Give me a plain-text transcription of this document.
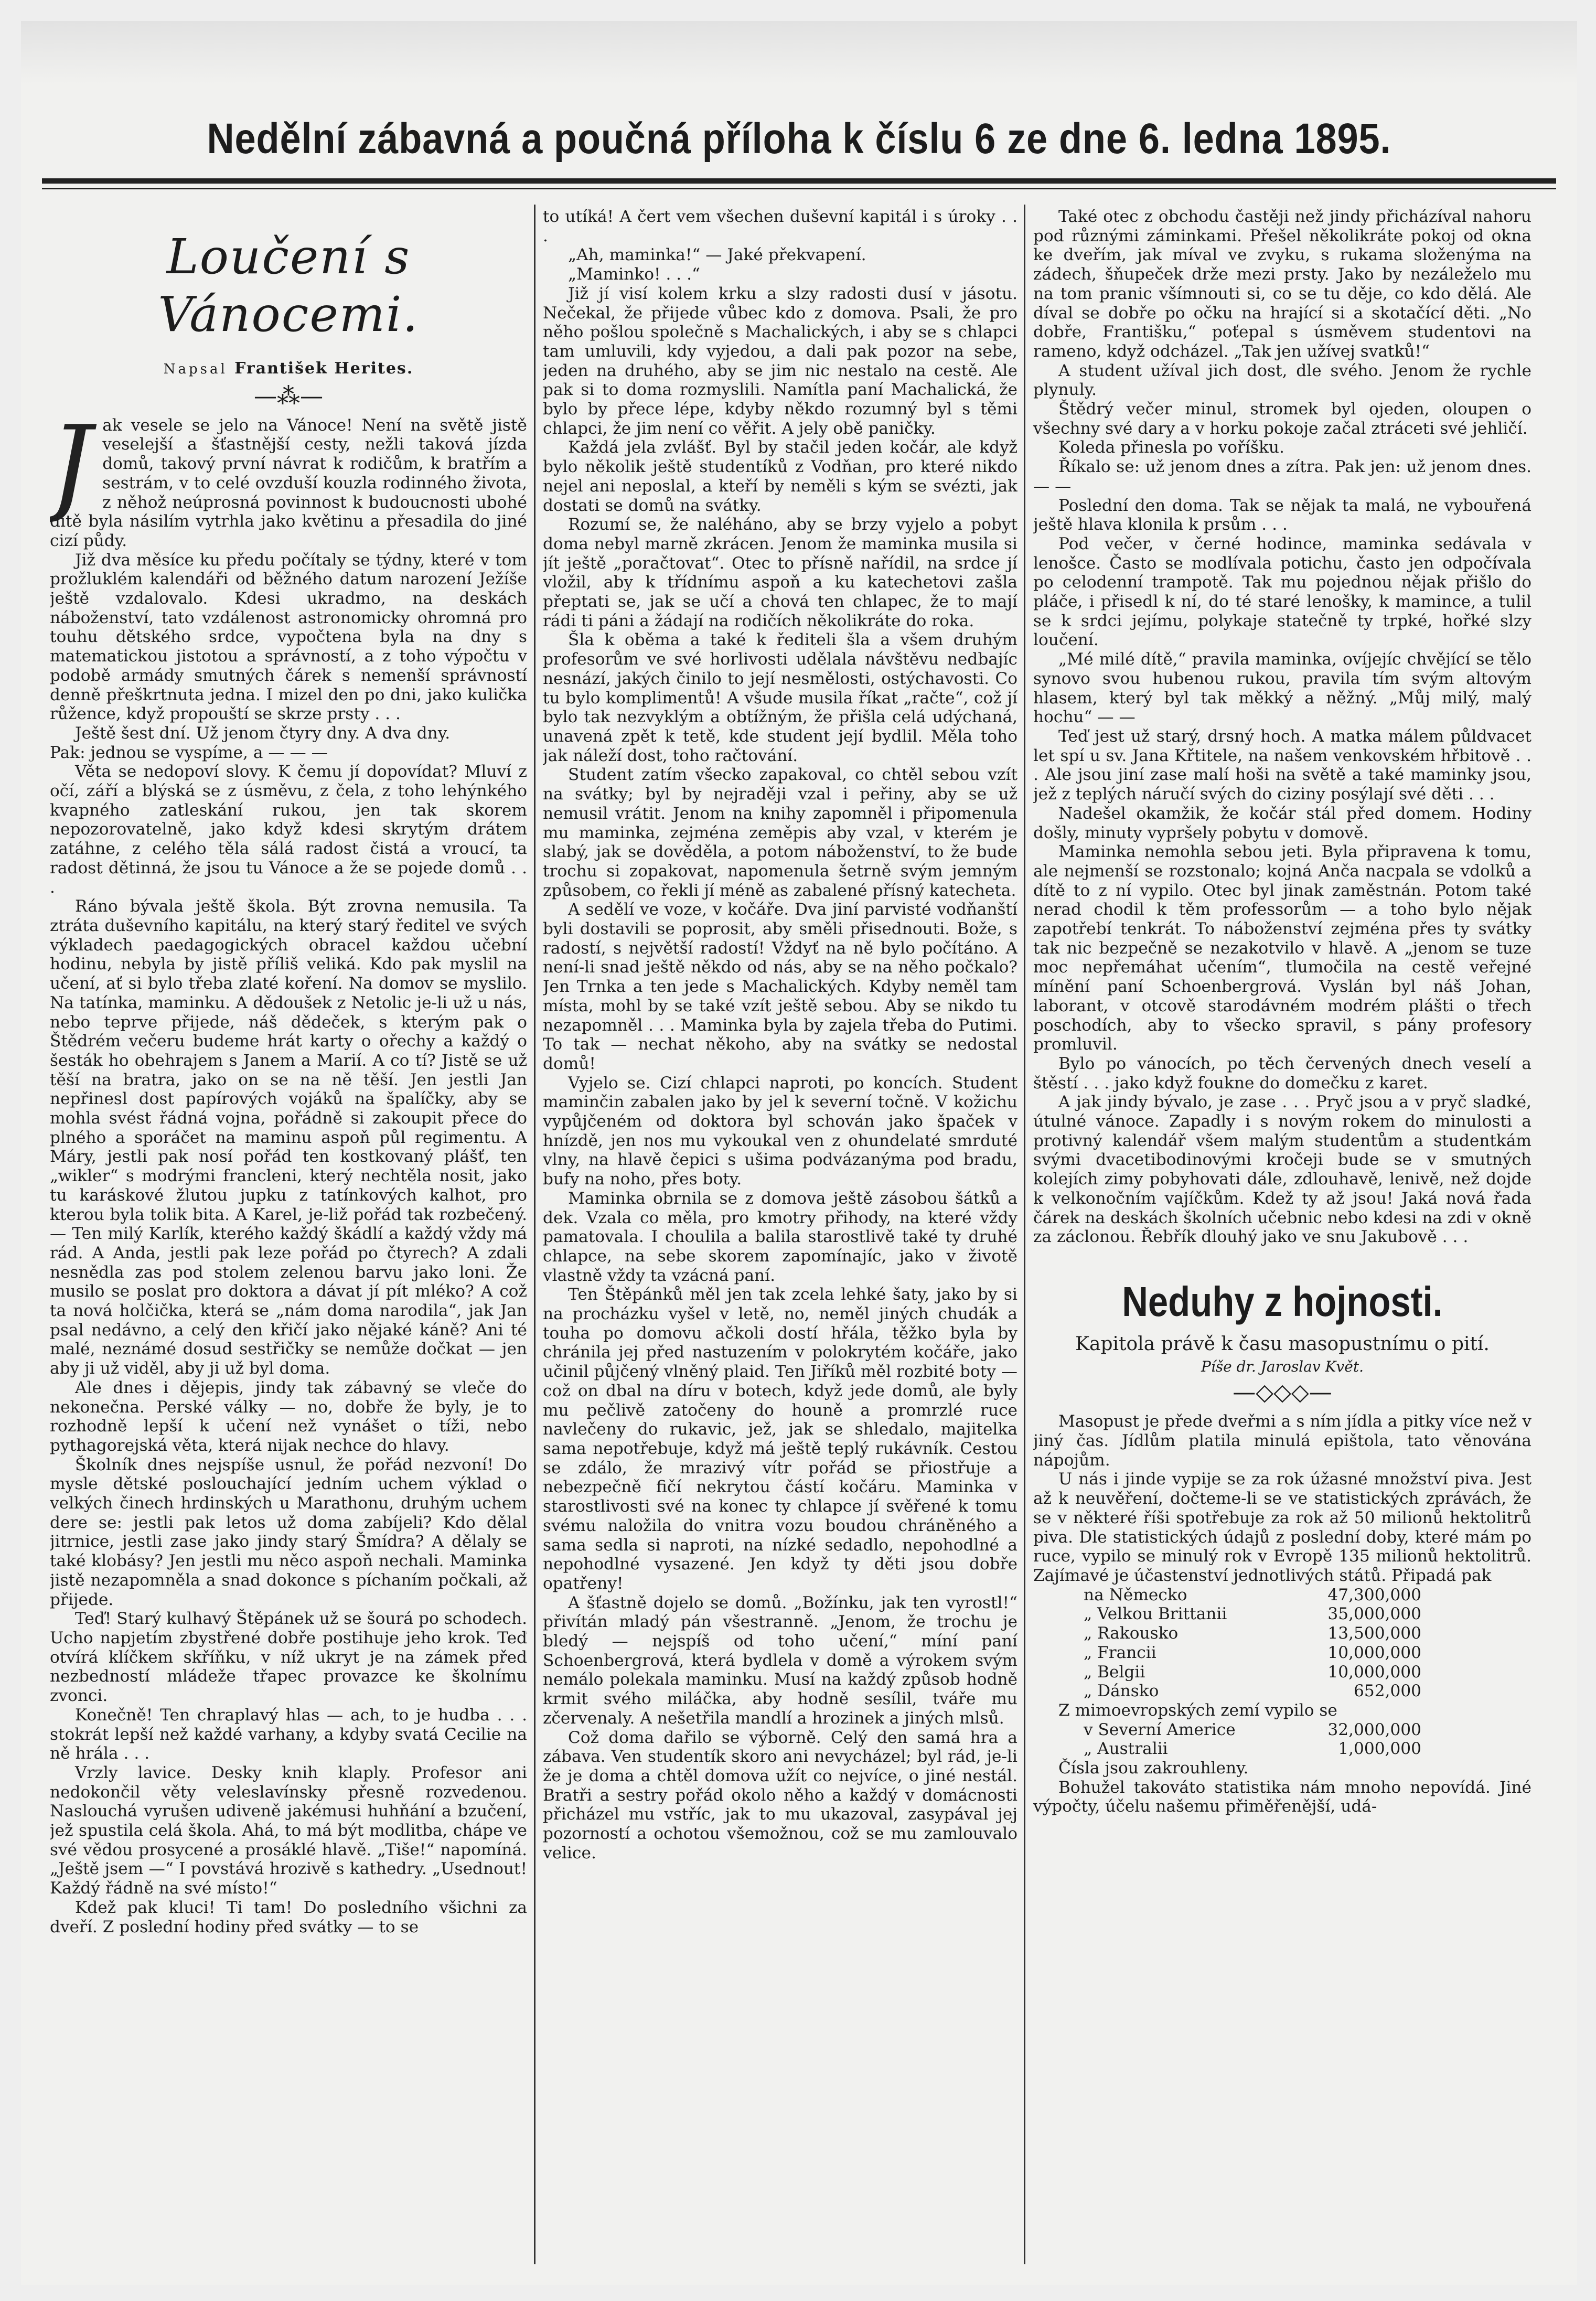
Nedělní zábavná a poučná příloha k číslu 6 ze dne 6. ledna 1895.
Loučení s Vánocemi.
Napsal František Herites.
—⁂—
J ak vesele se jelo na Vánoce! Není na světě jistě veselejší a šťastnější cesty, nežli taková jízda domů, takový první návrat k rodičům, k bratřím a sestrám, v to celé ovzduší kouzla rodinného života, z něhož neúprosná povinnost k budoucnosti ubohé dítě byla násilím vytrhla jako květinu a přesadila do jiné cizí půdy.

Již dva měsíce ku předu počítaly se týdny, které v tom prožluklém kalendáři od běžného datum narození Ježíše ještě vzdalovalo. Kdesi ukradmo, na deskách náboženství, tato vzdálenost astronomicky ohromná pro touhu dětského srdce, vypočtena byla na dny s matematickou jistotou a správností, a z toho výpočtu v podobě armády smutných čárek s nemenší správností denně přeškrtnuta jedna. I mizel den po dni, jako kulička růžence, když propouští se skrze prsty . . .

Ještě šest dní. Už jenom čtyry dny. A dva dny.

Pak: jednou se vyspíme, a — — —

Věta se nedopoví slovy. K čemu jí dopovídat? Mluví z očí, září a blýská se z úsměvu, z čela, z toho lehýnkého kvapného zatleskání rukou, jen tak skorem nepozorovatelně, jako když kdesi skrytým drátem zatáhne, z celého těla sálá radost čistá a vroucí, ta radost dětinná, že jsou tu Vánoce a že se pojede domů . . .

Ráno bývala ještě škola. Být zrovna nemusila. Ta ztráta duševního kapitálu, na který starý ředitel ve svých výkladech paedagogických obracel každou učební hodinu, nebyla by jistě příliš veliká. Kdo pak myslil na učení, ať si bylo třeba zlaté koření. Na domov se myslilo. Na tatínka, maminku. A dědoušek z Netolic je-li už u nás, nebo teprve přijede, náš dědeček, s kterým pak o Štědrém večeru budeme hrát karty o ořechy a každý o šesták ho obehrajem s Janem a Marií. A co tí? Jistě se už těší na bratra, jako on se na ně těší. Jen jestli Jan nepřinesl dost papírových vojáků na špalíčky, aby se mohla svést řádná vojna, pořádně si zakoupit přece do plného a sporáčet na maminu aspoň půl regimentu. A Máry, jestli pak nosí pořád ten kostkovaný plášť, ten „wikler“ s modrými francleni, který nechtěla nosit, jako tu karáskové žlutou jupku z tatínkových kalhot, pro kterou byla tolik bita. A Karel, je-liž pořád tak rozbečený. — Ten milý Karlík, kterého každý škádlí a každý vždy má rád. A Anda, jestli pak leze pořád po čtyrech? A zdali nesnědla zas pod stolem zelenou barvu jako loni. Že musilo se poslat pro doktora a dávat jí pít mléko? A což ta nová holčička, která se „nám doma narodila“, jak Jan psal nedávno, a celý den křičí jako nějaké káně? Ani té malé, neznámé dosud sestřičky se nemůže dočkat — jen aby ji už viděl, aby ji už byl doma.

Ale dnes i dějepis, jindy tak zábavný se vleče do nekonečna. Perské války — no, dobře že byly, je to rozhodně lepší k učení než vynášet o tíži, nebo pythagorejská věta, která nijak nechce do hlavy.

Školník dnes nejspíše usnul, že pořád nezvoní! Do mysle dětské poslouchající jedním uchem výklad o velkých činech hrdinských u Marathonu, druhým uchem dere se: jestli pak letos už doma zabíjeli? Kdo dělal jitrnice, jestli zase jako jindy starý Šmídra? A dělaly se také klobásy? Jen jestli mu něco aspoň nechali. Maminka jistě nezapomněla a snad dokonce s píchaním počkali, až přijede.

Teď! Starý kulhavý Štěpánek už se šourá po schodech. Ucho napjetím zbystřené dobře postihuje jeho krok. Teď otvírá klíčkem skříňku, v níž ukryt je na zámek před nezbedností mládeže třapec provazce ke školnímu zvonci.

Konečně! Ten chraplavý hlas — ach, to je hudba . . . stokrát lepší než každé varhany, a kdyby svatá Cecilie na ně hrála . . .

Vrzly lavice. Desky knih klaply. Profesor ani nedokončil věty veleslavínsky přesně rozvedenou. Naslouchá vyrušen udiveně jakémusi huhňání a bzučení, jež spustila celá škola. Ahá, to má být modlitba, chápe ve své vědou prosycené a prosáklé hlavě. „Tiše!“ napomíná. „Ještě jsem —“ I povstává hrozivě s kathedry. „Usednout! Každý řádně na své místo!“

Kdež pak kluci! Ti tam! Do posledního všichni za dveří. Z poslední hodiny před svátky — to se

to utíká! A čert vem všechen duševní kapitál i s úroky . . .

„Ah, maminka!“ — Jaké překvapení.

„Maminko! . . .“

Již jí visí kolem krku a slzy radosti dusí v jásotu. Nečekal, že přijede vůbec kdo z domova. Psali, že pro něho pošlou společně s Machalických, i aby se s chlapci tam umluvili, kdy vyjedou, a dali pak pozor na sebe, jeden na druhého, aby se jim nic nestalo na cestě. Ale pak si to doma rozmyslili. Namítla paní Machalická, že bylo by přece lépe, kdyby někdo rozumný byl s těmi chlapci, že jim není co věřit. A jely obě paničky.

Každá jela zvlášť. Byl by stačil jeden kočár, ale když bylo několik ještě studentíků z Vodňan, pro které nikdo nejel ani neposlal, a kteří by neměli s kým se svézti, jak dostati se domů na svátky.

Rozumí se, že naléháno, aby se brzy vyjelo a pobyt doma nebyl marně zkrácen. Jenom že maminka musila si jít ještě „poračtovat“. Otec to přísně nařídil, na srdce jí vložil, aby k třídnímu aspoň a ku katechetovi zašla přeptati se, jak se učí a chová ten chlapec, že to mají rádi ti páni a žádají na rodičích několikráte do roka.

Šla k oběma a také k řediteli šla a všem druhým profesorům ve své horlivosti udělala návštěvu nedbajíc nesnází, jakých činilo to její nesmělosti, ostýchavosti. Co tu bylo komplimentů! A všude musila říkat „račte“, což jí bylo tak nezvyklým a obtížným, že přišla celá udýchaná, unavená zpět k tetě, kde student její bydlil. Měla toho jak náleží dost, toho račtování.

Student zatím všecko zapakoval, co chtěl sebou vzít na svátky; byl by nejraději vzal i peřiny, aby se už nemusil vrátit. Jenom na knihy zapomněl i připomenula mu maminka, zejména zeměpis aby vzal, v kterém je slabý, jak se dověděla, a potom náboženství, to že bude trochu si zopakovat, napomenula šetrně svým jemným způsobem, co řekli jí méně as zabalené přísný katecheta.

A sedělí ve voze, v kočáře. Dva jiní parvisté vodňanští byli dostavili se poprosit, aby směli přisednouti. Bože, s radostí, s největší radostí! Vždyť na ně bylo počítáno. A není-li snad ještě někdo od nás, aby se na něho počkalo? Jen Trnka a ten jede s Machalických. Kdyby neměl tam místa, mohl by se také vzít ještě sebou. Aby se nikdo tu nezapomněl . . . Maminka byla by zajela třeba do Putimi. To tak — nechat někoho, aby na svátky se nedostal domů!

Vyjelo se. Cizí chlapci naproti, po koncích. Student maminčin zabalen jako by jel k severní točně. V kožichu vypůjčeném od doktora byl schován jako špaček v hnízdě, jen nos mu vykoukal ven z ohundelaté smrduté vlny, na hlavě čepici s ušima podvázanýma pod bradu, bufy na noho, přes boty.

Maminka obrnila se z domova ještě zásobou šátků a dek. Vzala co měla, pro kmotry přihody, na které vždy pamatovala. I choulila a balila starostlivě také ty druhé chlapce, na sebe skorem zapomínajíc, jako v životě vlastně vždy ta vzácná paní.

Ten Štěpánků měl jen tak zcela lehké šaty, jako by si na procházku vyšel v letě, no, neměl jiných chudák a touha po domovu ačkoli dostí hřála, těžko byla by chránila jej před nastuzením v polokrytém kočáře, jako učinil půjčený vlněný plaid. Ten Jiříků měl rozbité boty — což on dbal na díru v botech, když jede domů, ale byly mu pečlivě zatočeny do houně a promrzlé ruce navlečeny do rukavic, jež, jak se shledalo, majitelka sama nepotřebuje, když má ještě teplý rukávník. Cestou se zdálo, že mrazivý vítr pořád se přiostřuje a nebezpečně fičí nekrytou částí kočáru. Maminka v starostlivosti své na konec ty chlapce jí svěřené k tomu svému naložila do vnitra vozu boudou chráněného a sama sedla si naproti, na nízké sedadlo, nepohodlné a nepohodlné vysazené. Jen když ty děti jsou dobře opatřeny!

A šťastně dojelo se domů. „Božínku, jak ten vyrostl!“ přivítán mladý pán všestranně. „Jenom, že trochu je bledý — nejspíš od toho učení,“ míní paní Schoenbergrová, která bydlela v domě a výrokem svým nemálo polekala maminku. Musí na každý způsob hodně krmit svého miláčka, aby hodně sesílil, tváře mu zčervenaly. A nešetřila mandlí a hrozinek a jiných mlsů.

Což doma dařilo se výborně. Celý den samá hra a zábava. Ven studentík skoro ani nevycházel; byl rád, je-li že je doma a chtěl domova užít co nejvíce, o jiné nestál. Bratři a sestry pořád okolo něho a každý v domácnosti přicházel mu vstříc, jak to mu ukazoval, zasypával jej pozorností a ochotou všemožnou, což se mu zamlouvalo velice.

Také otec z obchodu častěji než jindy přicházíval nahoru pod různými záminkami. Přešel několikráte pokoj od okna ke dveřím, jak míval ve zvyku, s rukama složenýma na zádech, šňupeček drže mezi prsty. Jako by nezáleželo mu na tom pranic všímnouti si, co se tu děje, co kdo dělá. Ale díval se dobře po očku na hrající si a skotačící děti. „No dobře, Františku,“ poťepal s úsměvem studentovi na rameno, když odcházel. „Tak jen užívej svatků!“

A student užíval jich dost, dle svého. Jenom že rychle plynuly.

Štědrý večer minul, stromek byl ojeden, oloupen o všechny své dary a v horku pokoje začal ztráceti své jehličí.

Koleda přinesla po voříšku.

Říkalo se: už jenom dnes a zítra. Pak jen: už jenom dnes. — —

Poslední den doma. Tak se nějak ta malá, ne vybouřená ještě hlava klonila k prsům . . .

Pod večer, v černé hodince, maminka sedávala v lenošce. Často se modlívala potichu, často jen odpočívala po celodenní trampotě. Tak mu pojednou nějak přišlo do pláče, i přisedl k ní, do té staré lenošky, k mamince, a tulil se k srdci jejímu, polykaje statečně ty trpké, hořké slzy loučení.

„Mé milé dítě,“ pravila maminka, ovíjejíc chvějící se tělo synovo svou hubenou rukou, pravila tím svým altovým hlasem, který byl tak měkký a něžný. „Můj milý, malý hochu“ — —

Teď jest už starý, drsný hoch. A matka málem půldvacet let spí u sv. Jana Křtitele, na našem venkovském hřbitově . . . Ale jsou jiní zase malí hoši na světě a také maminky jsou, jež z teplých náručí svých do ciziny posýlají své děti . . .

Nadešel okamžik, že kočár stál před domem. Hodiny došly, minuty vypršely pobytu v domově.

Maminka nemohla sebou jeti. Byla připravena k tomu, ale nejmenší se rozstonalo; kojná Anča nacpala se vdolků a dítě to z ní vypilo. Otec byl jinak zaměstnán. Potom také nerad chodil k těm professorům — a toho bylo nějak zapotřebí tenkrát. To náboženství zejména přes ty svátky tak nic bezpečně se nezakotvilo v hlavě. A „jenom se tuze moc nepřemáhat učením“, tlumočila na cestě veřejné mínění paní Schoenbergrová. Vyslán byl náš Johan, laborant, v otcově starodávném modrém plášti o třech poschodích, aby to všecko spravil, s pány profesory promluvil.

Bylo po vánocích, po těch červených dnech veselí a štěstí . . . jako když foukne do domečku z karet.

A jak jindy bývalo, je zase . . . Pryč jsou a v pryč sladké, útulné vánoce. Zapadly i s novým rokem do minulosti a protivný kalendář všem malým studentům a studentkám svými dvacetibodinovými kročeji bude se v smutných kolejích zimy pobyhovati dále, zdlouhavě, lenivě, než dojde k velkonočním vajíčkům. Kdež ty až jsou! Jaká nová řada čárek na deskách školních učebnic nebo kdesi na zdi v okně za záclonou. Řebřík dlouhý jako ve snu Jakubově . . .

Neduhy z hojnosti.
Kapitola právě k času masopustnímu o pití.
Píše dr. Jaroslav Květ.
—◇◇◇—

Masopust je předе dveřmi a s ním jídla a pitky více než v jiný čas. Jídlům platila minulá epištola, tato věnována nápojům.

U nás i jinde vypije se za rok úžasné množství piva. Jest až k neuvěření, dočteme-li se ve statistických zprávách, že se v některé říši spotřebuje za rok až 50 milionů hektolitrů piva. Dle statistických údajů z poslední doby, které mám po ruce, vypilo se minulý rok v Evropě 135 milionů hektolitrů. Zajímavé je účastenství jednotlivých států. Připadá pak

na Německo	47,300,000
„ Velkou Brittanii	35,000,000
„ Rakousko	13,500,000
„ Francii	10,000,000
„ Belgii	10,000,000
„ Dánsko	652,000

Z mimoevropských zemí vypilo se

v Severní Americe	32,000,000
„ Australii	1,000,000

Čísla jsou zakrouhleny.

Bohužel takováto statistika nám mnoho nepovídá. Jiné výpočty, účelu našemu přiměřenější, udá-
